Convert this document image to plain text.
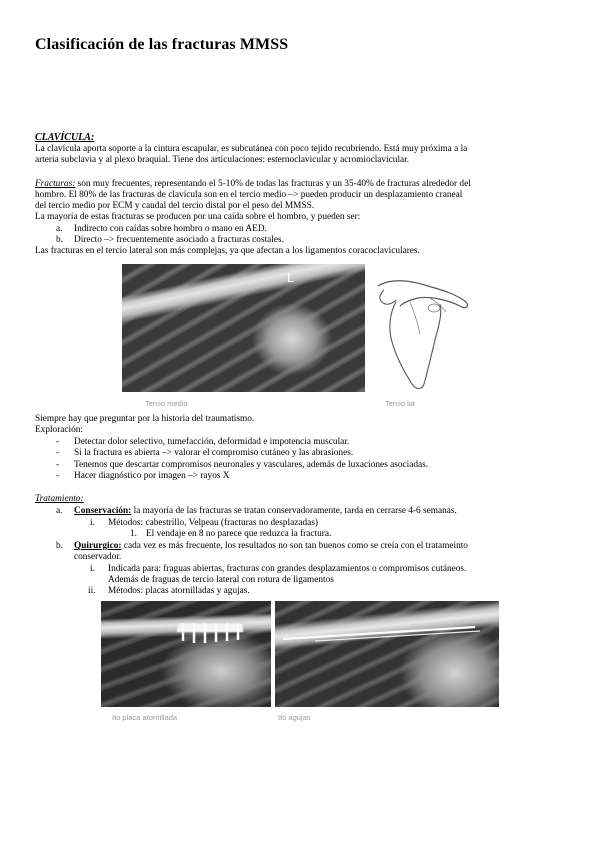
Clasificación de las fracturas MMSS
CLAVÍCULA:
La clavícula aporta soporte a la cintura escapular, es subcutánea con poco tejido recubriendo. Está muy próxima a la
arteria subclavia y al plexo braquial. Tiene dos articulaciones: esternoclavicular y acromioclavicular.
Fracturas: son muy frecuentes, representando el 5-10% de todas las fracturas y un 35-40% de fracturas alrededor del
hombro. El 80% de las fracturas de clavícula son en el tercio medio –> pueden producir un desplazamiento craneal
del tercio medio por ECM y caudal del tercio distal por el peso del MMSS.
La mayoría de estas fracturas se producen por una caída sobre el hombro, y pueden ser:
a. Indirecto con caídas sobre hombro o mano en AED.
b. Directo –> frecuentemente asociado a fracturas costales.
Las fracturas en el tercio lateral son más complejas, ya que afectan a los ligamentos coracoclaviculares.
L
Tercio medio	Tercio lat
Siempre hay que preguntar por la historia del traumatismo.
Exploración:
- Detectar dolor selectivo, tumefacción, deformidad e impotencia muscular.
- Si la fractura es abierta –> valorar el compromiso cutáneo y las abrasiones.
- Tenemos que descartar compromisos neuronales y vasculares, además de luxaciones asociadas.
- Hacer diagnóstico por imagen –> rayos X
Tratamiento:
a. Conservación: la mayoría de las fracturas se tratan conservadoramente, tarda en cerrarse 4-6 semanas.
i. Métodos: cabestrillo, Velpeau (fracturas no desplazadas)
1. El vendaje en 8 no parece que reduzca la fractura.
b. Quirurgico: cada vez es más frecuente, los resultados no son tan buenos como se creía con el tratameinto
conservador.
i. Indicada para: fraguas abiertas, fracturas con grandes desplazamientos o compromisos cutáneos.
Además de fraguas de tercio lateral con rotura de ligamentos
ii. Métodos: placas atornilladas y agujas.
Ito placa atornillada	Ito agujas
